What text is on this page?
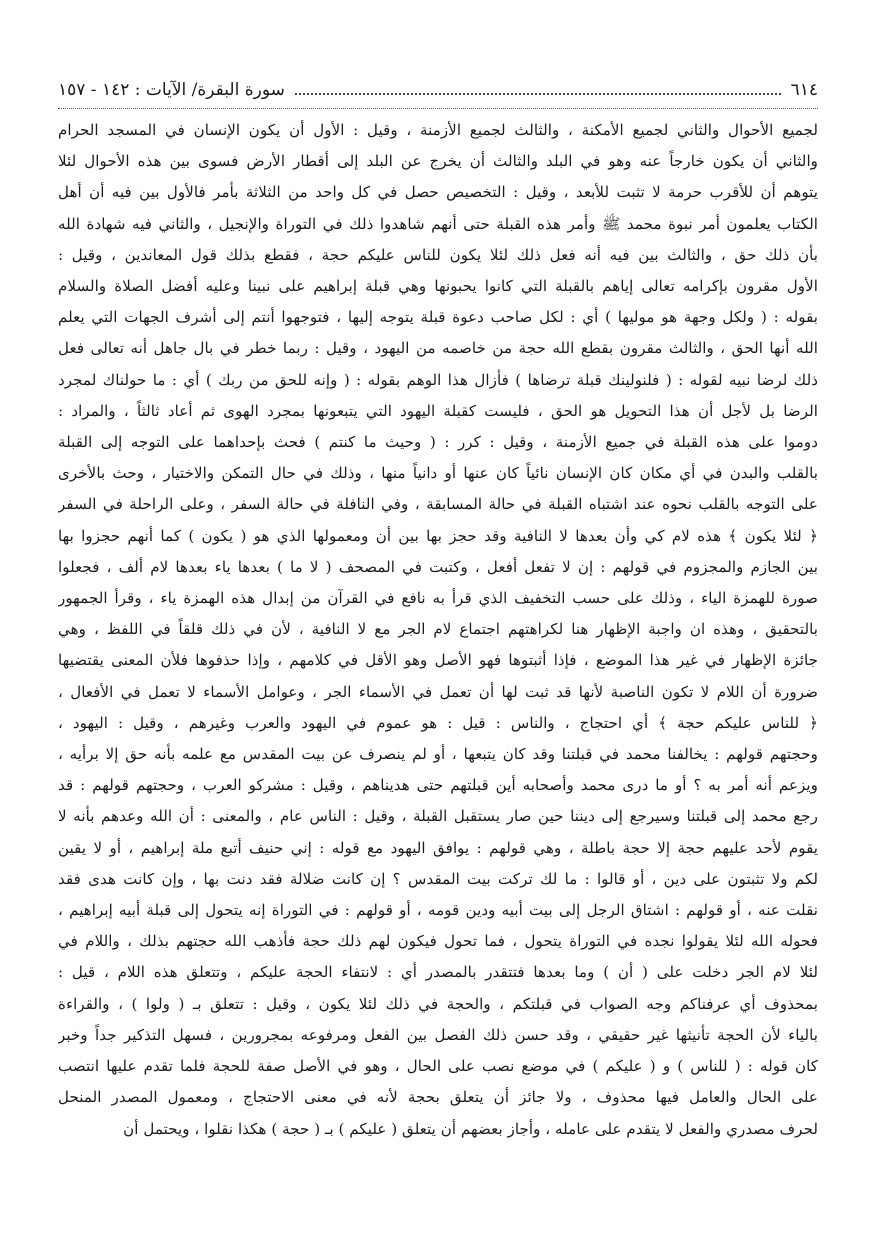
٦١٤
سورة البقرة/ الآيات : ١٤٢ - ١٥٧
لجميع الأحوال والثاني لجميع الأمكنة ، والثالث لجميع الأزمنة ، وقيل : الأول أن يكون الإنسان في المسجد الحرام
والثاني أن يكون خارجاً عنه وهو في البلد والثالث أن يخرج عن البلد إلى أقطار الأرض فسوى بين هذه الأحوال لئلا
يتوهم أن للأقرب حرمة لا تثبت للأبعد ، وقيل : التخصيص حصل في كل واحد من الثلاثة بأمر فالأول بين فيه أن أهل
الكتاب يعلمون أمر نبوة محمد ﷺ وأمر هذه القبلة حتى أنهم شاهدوا ذلك في التوراة والإنجيل ، والثاني فيه شهادة الله
بأن ذلك حق ، والثالث بين فيه أنه فعل ذلك لئلا يكون للناس عليكم حجة ، فقطع بذلك قول المعاندين ، وقيل :
الأول مقرون بإكرامه تعالى إياهم بالقبلة التي كانوا يحبونها وهي قبلة إبراهيم على نبينا وعليه أفضل الصلاة والسلام
بقوله : ( ولكل وجهة هو موليها ) أي : لكل صاحب دعوة قبلة يتوجه إليها ، فتوجهوا أنتم إلى أشرف الجهات التي يعلم
الله أنها الحق ، والثالث مقرون بقطع الله حجة من خاصمه من اليهود ، وقيل : ربما خطر في بال جاهل أنه تعالى فعل
ذلك لرضا نبيه لقوله : ( فلنولينك قبلة ترضاها ) فأزال هذا الوهم بقوله : ( وإنه للحق من ربك ) أي : ما حولناك لمجرد
الرضا بل لأجل أن هذا التحويل هو الحق ، فليست كقبلة اليهود التي يتبعونها بمجرد الهوى ثم أعاد ثالثاً ، والمراد :
دوموا على هذه القبلة في جميع الأزمنة ، وقيل : كرر : ( وحيث ما كنتم ) فحث بإحداهما على التوجه إلى القبلة
بالقلب والبدن في أي مكان كان الإنسان نائياً كان عنها أو دانياً منها ، وذلك في حال التمكن والاختيار ، وحث بالأخرى
على التوجه بالقلب نحوه عند اشتباه القبلة في حالة المسابقة ، وفي النافلة في حالة السفر ، وعلى الراحلة في السفر
﴿ لئلا يكون ﴾ هذه لام كي وأن بعدها لا النافية وقد حجز بها بين أن ومعمولها الذي هو ( يكون ) كما أنهم حجزوا بها
بين الجازم والمجزوم في قولهم : إن لا تفعل أفعل ، وكتبت في المصحف ( لا ما ) بعدها ياء بعدها لام ألف ، فجعلوا
صورة للهمزة الياء ، وذلك على حسب التخفيف الذي قرأ به نافع في القرآن من إبدال هذه الهمزة ياء ، وقرأ الجمهور
بالتحقيق ، وهذه ان واجبة الإظهار هنا لكراهتهم اجتماع لام الجر مع لا النافية ، لأن في ذلك قلقاً في اللفظ ، وهي
جائزة الإظهار في غير هذا الموضع ، فإذا أثبتوها فهو الأصل وهو الأقل في كلامهم ، وإذا حذفوها فلأن المعنى يقتضيها
ضرورة أن اللام لا تكون الناصبة لأنها قد ثبت لها أن تعمل في الأسماء الجر ، وعوامل الأسماء لا تعمل في الأفعال ،
﴿ للناس عليكم حجة ﴾ أي احتجاج ، والناس : قيل : هو عموم في اليهود والعرب وغيرهم ، وقيل : اليهود ،
وحجتهم قولهم : يخالفنا محمد في قبلتنا وقد كان يتبعها ، أو لم ينصرف عن بيت المقدس مع علمه بأنه حق إلا برأيه ،
ويزعم أنه أمر به ؟ أو ما درى محمد وأصحابه أين قبلتهم حتى هديناهم ، وقيل : مشركو العرب ، وحجتهم قولهم : قد
رجع محمد إلى قبلتنا وسيرجع إلى ديننا حين صار يستقبل القبلة ، وقيل : الناس عام ، والمعنى : أن الله وعدهم بأنه لا
يقوم لأحد عليهم حجة إلا حجة باطلة ، وهي قولهم : يوافق اليهود مع قوله : إني حنيف أتبع ملة إبراهيم ، أو لا يقين
لكم ولا تثبتون على دين ، أو قالوا : ما لك تركت بيت المقدس ؟ إن كانت ضلالة فقد دنت بها ، وإن كانت هدى فقد
نقلت عنه ، أو قولهم : اشتاق الرجل إلى بيت أبيه ودين قومه ، أو قولهم : في التوراة إنه يتحول إلى قبلة أبيه إبراهيم ،
فحوله الله لئلا يقولوا نجده في التوراة يتحول ، فما تحول فيكون لهم ذلك حجة فأذهب الله حجتهم بذلك ، واللام في
لئلا لام الجر دخلت على ( أن ) وما بعدها فتتقدر بالمصدر أي : لانتفاء الحجة عليكم ، وتتعلق هذه اللام ، قيل :
بمحذوف أي عرفناكم وجه الصواب في قبلتكم ، والحجة في ذلك لئلا يكون ، وقيل : تتعلق بـ ( ولوا ) ، والقراءة
بالياء لأن الحجة تأنيثها غير حقيقي ، وقد حسن ذلك الفصل بين الفعل ومرفوعه بمجرورين ، فسهل التذكير جداً وخبر
كان قوله : ( للناس ) و ( عليكم ) في موضع نصب على الحال ، وهو في الأصل صفة للحجة فلما تقدم عليها انتصب
على الحال والعامل فيها محذوف ، ولا جائز أن يتعلق بحجة لأنه في معنى الاحتجاج ، ومعمول المصدر المنحل
لحرف مصدري والفعل لا يتقدم على عامله ، وأجاز بعضهم أن يتعلق ( عليكم ) بـ ( حجة ) هكذا نقلوا ، ويحتمل أن
